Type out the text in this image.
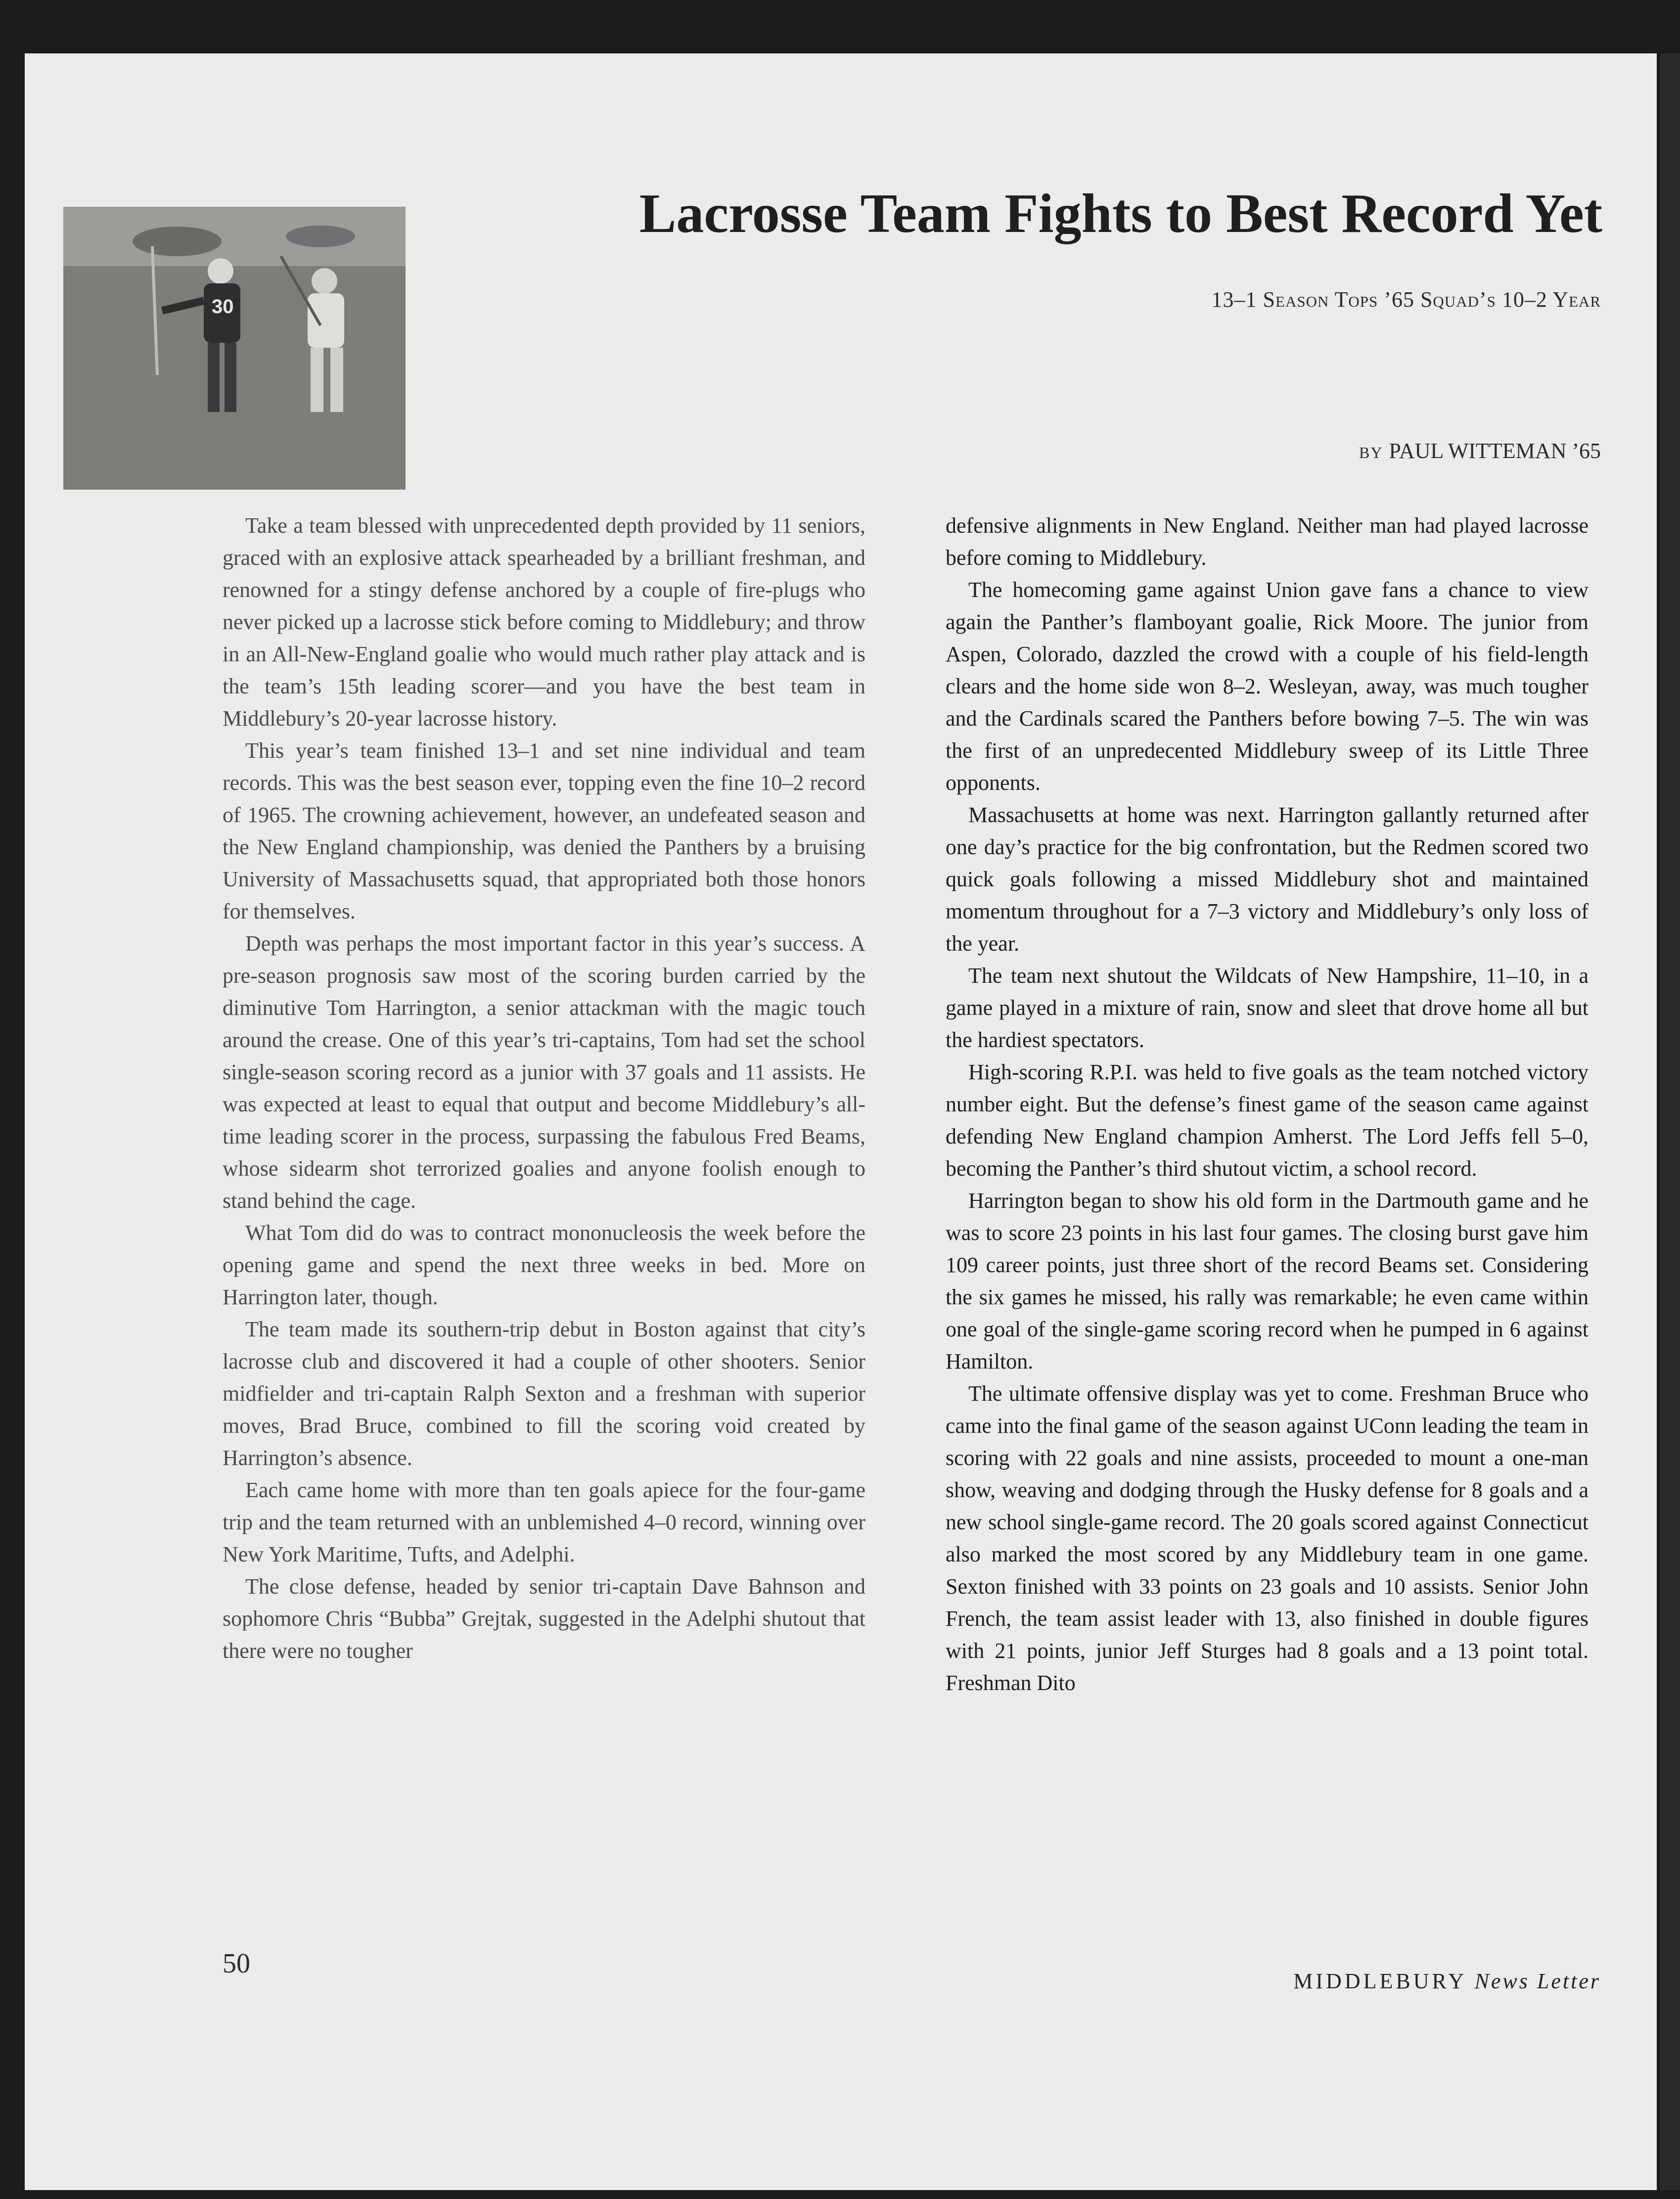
30
Lacrosse Team Fights to Best Record Yet
13–1 Season Tops ’65 Squad’s 10–2 Year
BY PAUL WITTEMAN ’65

Take a team blessed with unprecedented depth provided by 11 seniors, graced with an explosive attack spearheaded by a brilliant freshman, and renowned for a stingy defense anchored by a couple of fire-plugs who never picked up a lacrosse stick before coming to Middlebury; and throw in an All-New-England goalie who would much rather play attack and is the team’s 15th leading scorer—and you have the best team in Middlebury’s 20-year lacrosse history.

This year’s team finished 13–1 and set nine individual and team records. This was the best season ever, topping even the fine 10–2 record of 1965. The crowning achievement, however, an undefeated season and the New England championship, was denied the Panthers by a bruising University of Massachusetts squad, that appropriated both those honors for themselves.

Depth was perhaps the most important factor in this year’s success. A pre-season prognosis saw most of the scoring burden carried by the diminutive Tom Harrington, a senior attackman with the magic touch around the crease. One of this year’s tri-captains, Tom had set the school single-season scoring record as a junior with 37 goals and 11 assists. He was expected at least to equal that output and become Middlebury’s all-time leading scorer in the process, surpassing the fabulous Fred Beams, whose sidearm shot terrorized goalies and anyone foolish enough to stand behind the cage.

What Tom did do was to contract mononucleosis the week before the opening game and spend the next three weeks in bed. More on Harrington later, though.

The team made its southern-trip debut in Boston against that city’s lacrosse club and discovered it had a couple of other shooters. Senior midfielder and tri-captain Ralph Sexton and a freshman with superior moves, Brad Bruce, combined to fill the scoring void created by Harrington’s absence.

Each came home with more than ten goals apiece for the four-game trip and the team returned with an unblemished 4–0 record, winning over New York Maritime, Tufts, and Adelphi.

The close defense, headed by senior tri-captain Dave Bahnson and sophomore Chris “Bubba” Grejtak, suggested in the Adelphi shutout that there were no tougher

defensive alignments in New England. Neither man had played lacrosse before coming to Middlebury.

The homecoming game against Union gave fans a chance to view again the Panther’s flamboyant goalie, Rick Moore. The junior from Aspen, Colorado, dazzled the crowd with a couple of his field-length clears and the home side won 8–2. Wesleyan, away, was much tougher and the Cardinals scared the Panthers before bowing 7–5. The win was the first of an unpredecented Middlebury sweep of its Little Three opponents.

Massachusetts at home was next. Harrington gallantly returned after one day’s practice for the big confrontation, but the Redmen scored two quick goals following a missed Middlebury shot and maintained momentum throughout for a 7–3 victory and Middlebury’s only loss of the year.

The team next shutout the Wildcats of New Hampshire, 11–10, in a game played in a mixture of rain, snow and sleet that drove home all but the hardiest spectators.

High-scoring R.P.I. was held to five goals as the team notched victory number eight. But the defense’s finest game of the season came against defending New England champion Amherst. The Lord Jeffs fell 5–0, becoming the Panther’s third shutout victim, a school record.

Harrington began to show his old form in the Dartmouth game and he was to score 23 points in his last four games. The closing burst gave him 109 career points, just three short of the record Beams set. Considering the six games he missed, his rally was remarkable; he even came within one goal of the single-game scoring record when he pumped in 6 against Hamilton.

The ultimate offensive display was yet to come. Freshman Bruce who came into the final game of the season against UConn leading the team in scoring with 22 goals and nine assists, proceeded to mount a one-man show, weaving and dodging through the Husky defense for 8 goals and a new school single-game record. The 20 goals scored against Connecticut also marked the most scored by any Middlebury team in one game. Sexton finished with 33 points on 23 goals and 10 assists. Senior John French, the team assist leader with 13, also finished in double figures with 21 points, junior Jeff Sturges had 8 goals and a 13 point total. Freshman Dito

50
MIDDLEBURY News Letter
